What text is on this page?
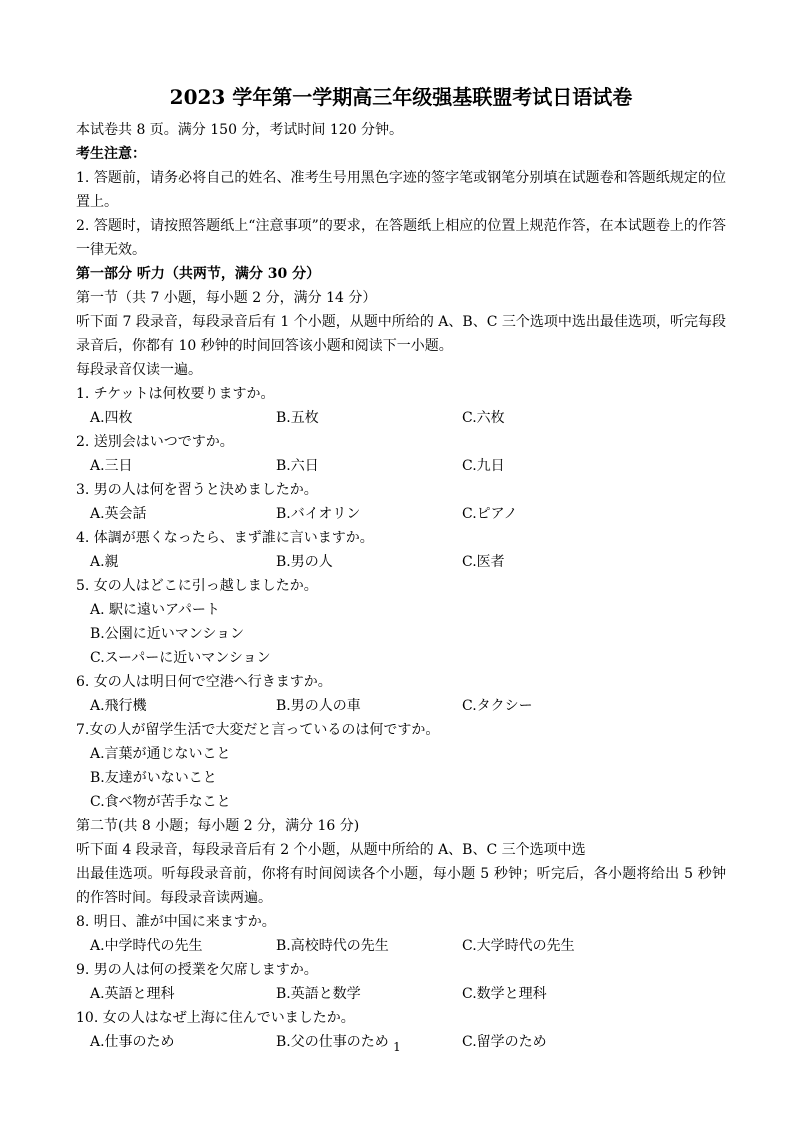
2023 学年第一学期高三年级强基联盟考试日语试卷

本试卷共 8 页。满分 150 分，考试时间 120 分钟。

考生注意：

1. 答题前，请务必将自己的姓名、准考生号用黑色字迹的签字笔或钢笔分别填在试题卷和答题纸规定的位置上。

2. 答题时，请按照答题纸上“注意事项”的要求，在答题纸上相应的位置上规范作答，在本试题卷上的作答一律无效。

第一部分 听力（共两节，满分 30 分）

第一节（共 7 小题，每小题 2 分，满分 14 分）

听下面 7 段录音，每段录音后有 1 个小题，从题中所给的 A、B、C 三个选项中选出最佳选项，听完每段录音后，你都有 10 秒钟的时间回答该小题和阅读下一小题。

每段录音仅读一遍。

1. チケットは何枚要りますか。

A.四枚	B.五枚	C.六枚

2. 送別会はいつですか。

A.三日	B.六日	C.九日

3. 男の人は何を習うと決めましたか。

A.英会話	B.バイオリン	C.ピアノ

4. 体調が悪くなったら、まず誰に言いますか。

A.親	B.男の人	C.医者

5. 女の人はどこに引っ越しましたか。

A. 駅に遠いアパート
B.公園に近いマンション
C.スーパーに近いマンション

6. 女の人は明日何で空港へ行きますか。

A.飛行機	B.男の人の車	C.タクシー

7.女の人が留学生活で大変だと言っているのは何ですか。

A.言葉が通じないこと
B.友達がいないこと
C.食べ物が苦手なこと

第二节(共 8 小题；每小题 2 分，满分 16 分)

听下面 4 段录音，每段录音后有 2 个小题，从题中所给的 A、B、C 三个选项中选

出最佳选项。听每段录音前，你将有时间阅读各个小题，每小题 5 秒钟；听完后，各小题将给出 5 秒钟的作答时间。每段录音读两遍。

8. 明日、誰が中国に来ますか。

A.中学時代の先生	B.高校時代の先生	C.大学時代の先生

9. 男の人は何の授業を欠席しますか。

A.英語と理科	B.英語と数学	C.数学と理科

10. 女の人はなぜ上海に住んでいましたか。

A.仕事のため	B.父の仕事のため	C.留学のため
1
